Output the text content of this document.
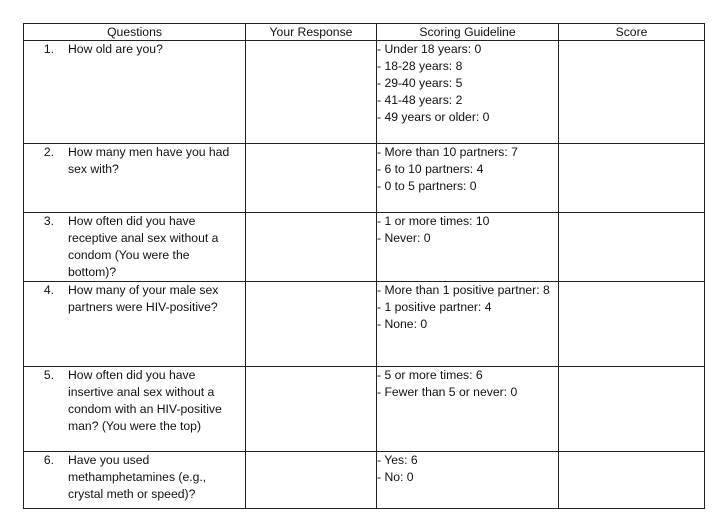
Questions	Your Response	Scoring Guideline	Score

1. How old are you?		- Under 18 years: 0
- 18-28 years: 8
- 29-40 years: 5
- 41-48 years: 2
- 49 years or older: 0	

2. How many men have you had sex with?		- More than 10 partners: 7
- 6 to 10 partners: 4
- 0 to 5 partners: 0	

3. How often did you have receptive anal sex without a condom (You were the bottom)?		- 1 or more times: 10
- Never: 0	

4. How many of your male sex partners were HIV-positive?		- More than 1 positive partner: 8
- 1 positive partner: 4
- None: 0	

5. How often did you have insertive anal sex without a condom with an HIV-positive man? (You were the top)		- 5 or more times: 6
- Fewer than 5 or never: 0	

6. Have you used methamphetamines (e.g., crystal meth or speed)?		- Yes: 6
- No: 0	
